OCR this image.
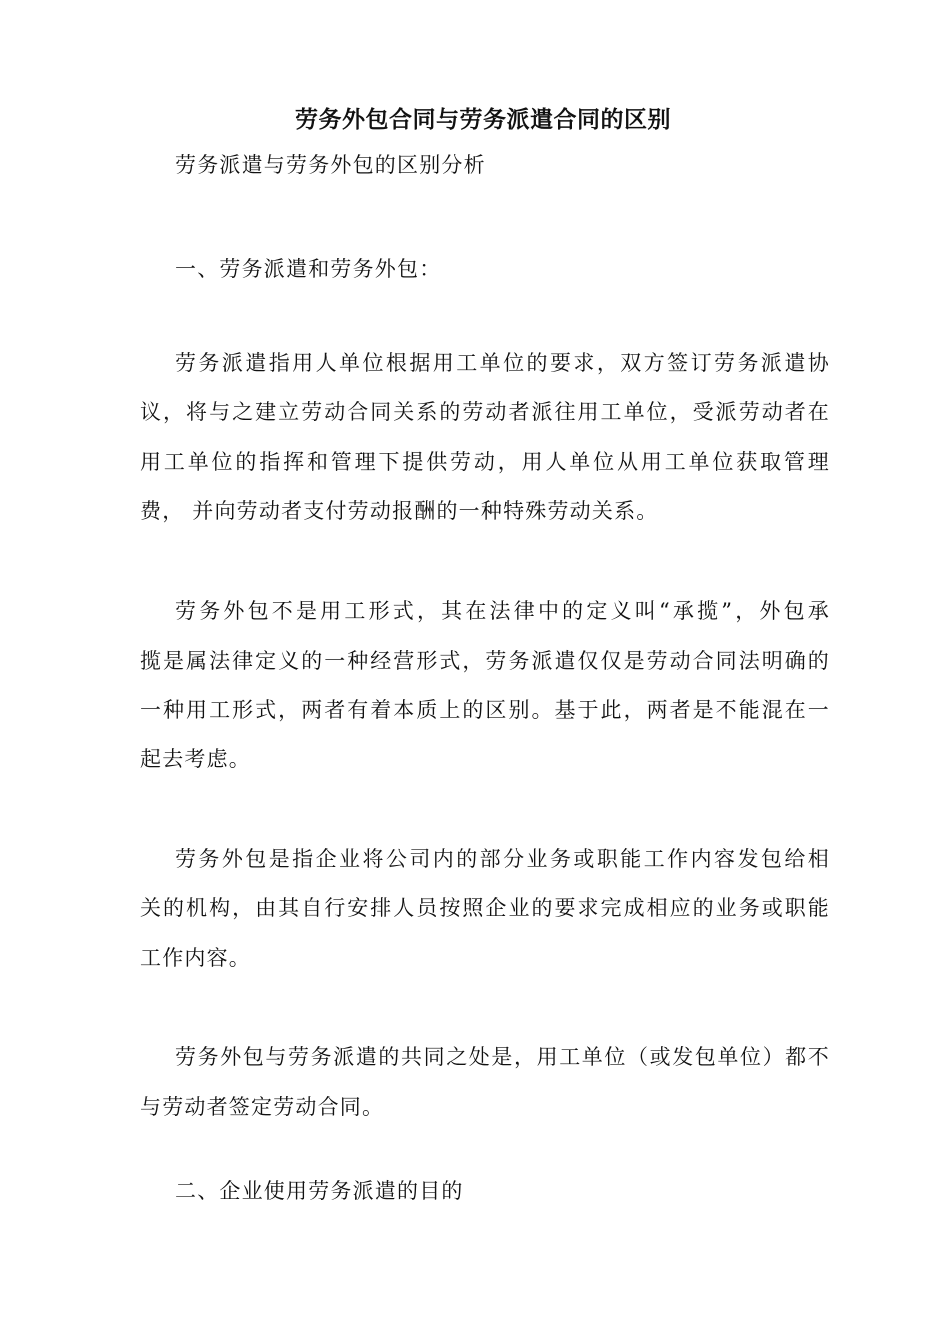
劳务外包合同与劳务派遣合同的区别
劳务派遣与劳务外包的区别分析
一、劳务派遣和劳务外包：
劳务派遣指用人单位根据用工单位的要求，双方签订劳务派遣协
议，将与之建立劳动合同关系的劳动者派往用工单位，受派劳动者在
用工单位的指挥和管理下提供劳动，用人单位从用工单位获取管理
费， 并向劳动者支付劳动报酬的一种特殊劳动关系。
劳务外包不是用工形式，其在法律中的定义叫“承揽”，外包承
揽是属法律定义的一种经营形式，劳务派遣仅仅是劳动合同法明确的
一种用工形式，两者有着本质上的区别。基于此，两者是不能混在一
起去考虑。
劳务外包是指企业将公司内的部分业务或职能工作内容发包给相
关的机构，由其自行安排人员按照企业的要求完成相应的业务或职能
工作内容。
劳务外包与劳务派遣的共同之处是，用工单位（或发包单位）都不
与劳动者签定劳动合同。
二、企业使用劳务派遣的目的
